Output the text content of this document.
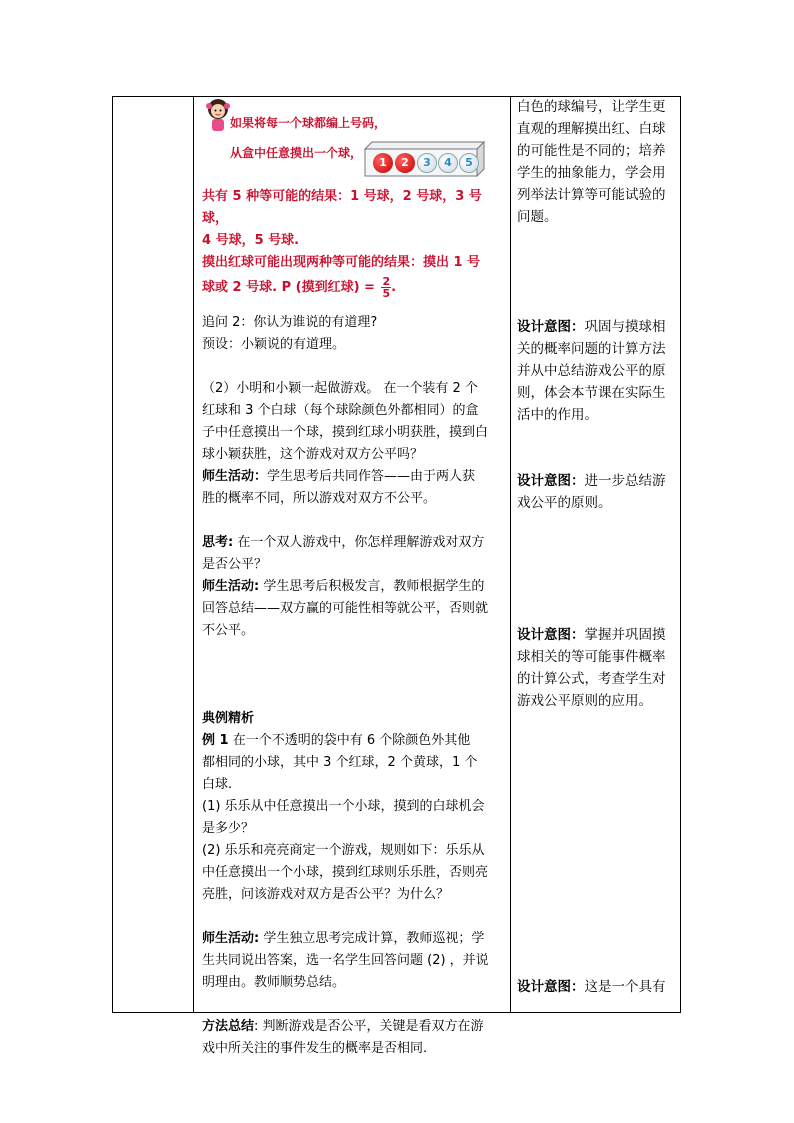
如果将每一个球都编上号码，
从盒中任意摸出一个球，
1	2	3	4	5

共有 5 种等可能的结果：1 号球，2 号球，3 号球，

4 号球，5 号球.

摸出红球可能出现两种等可能的结果：摸出 1 号

球或 2 号球. P (摸到红球) = $\frac{2}{5}$ .

追问 2：你认为谁说的有道理?

预设：小颖说的有道理。

（2）小明和小颖一起做游戏。 在一个装有 2 个

红球和 3 个白球（每个球除颜色外都相同）的盒

子中任意摸出一个球，摸到红球小明获胜，摸到白

球小颖获胜，这个游戏对双方公平吗？

师生活动：学生思考后共同作答——由于两人获

胜的概率不同，所以游戏对双方不公平。

思考: 在一个双人游戏中，你怎样理解游戏对双方

是否公平？

师生活动: 学生思考后积极发言，教师根据学生的

回答总结——双方赢的可能性相等就公平，否则就

不公平。

典例精析

例 1 在一个不透明的袋中有 6 个除颜色外其他

都相同的小球，其中 3 个红球，2 个黄球，1 个

白球.

(1) 乐乐从中任意摸出一个小球，摸到的白球机会

是多少？

(2) 乐乐和亮亮商定一个游戏，规则如下：乐乐从

中任意摸出一个小球，摸到红球则乐乐胜，否则亮

亮胜，问该游戏对双方是否公平？为什么？

师生活动: 学生独立思考完成计算，教师巡视；学

生共同说出答案，选一名学生回答问题 (2) ，并说

明理由。教师顺势总结。

方法总结: 判断游戏是否公平，关键是看双方在游

戏中所关注的事件发生的概率是否相同.

白色的球编号，让学生更

直观的理解摸出红、白球

的可能性是不同的；培养

学生的抽象能力，学会用

列举法计算等可能试验的

问题。

设计意图：巩固与摸球相

关的概率问题的计算方法

并从中总结游戏公平的原

则，体会本节课在实际生

活中的作用。

设计意图：进一步总结游

戏公平的原则。

设计意图：掌握并巩固摸

球相关的等可能事件概率

的计算公式，考查学生对

游戏公平原则的应用。

设计意图：这是一个具有
